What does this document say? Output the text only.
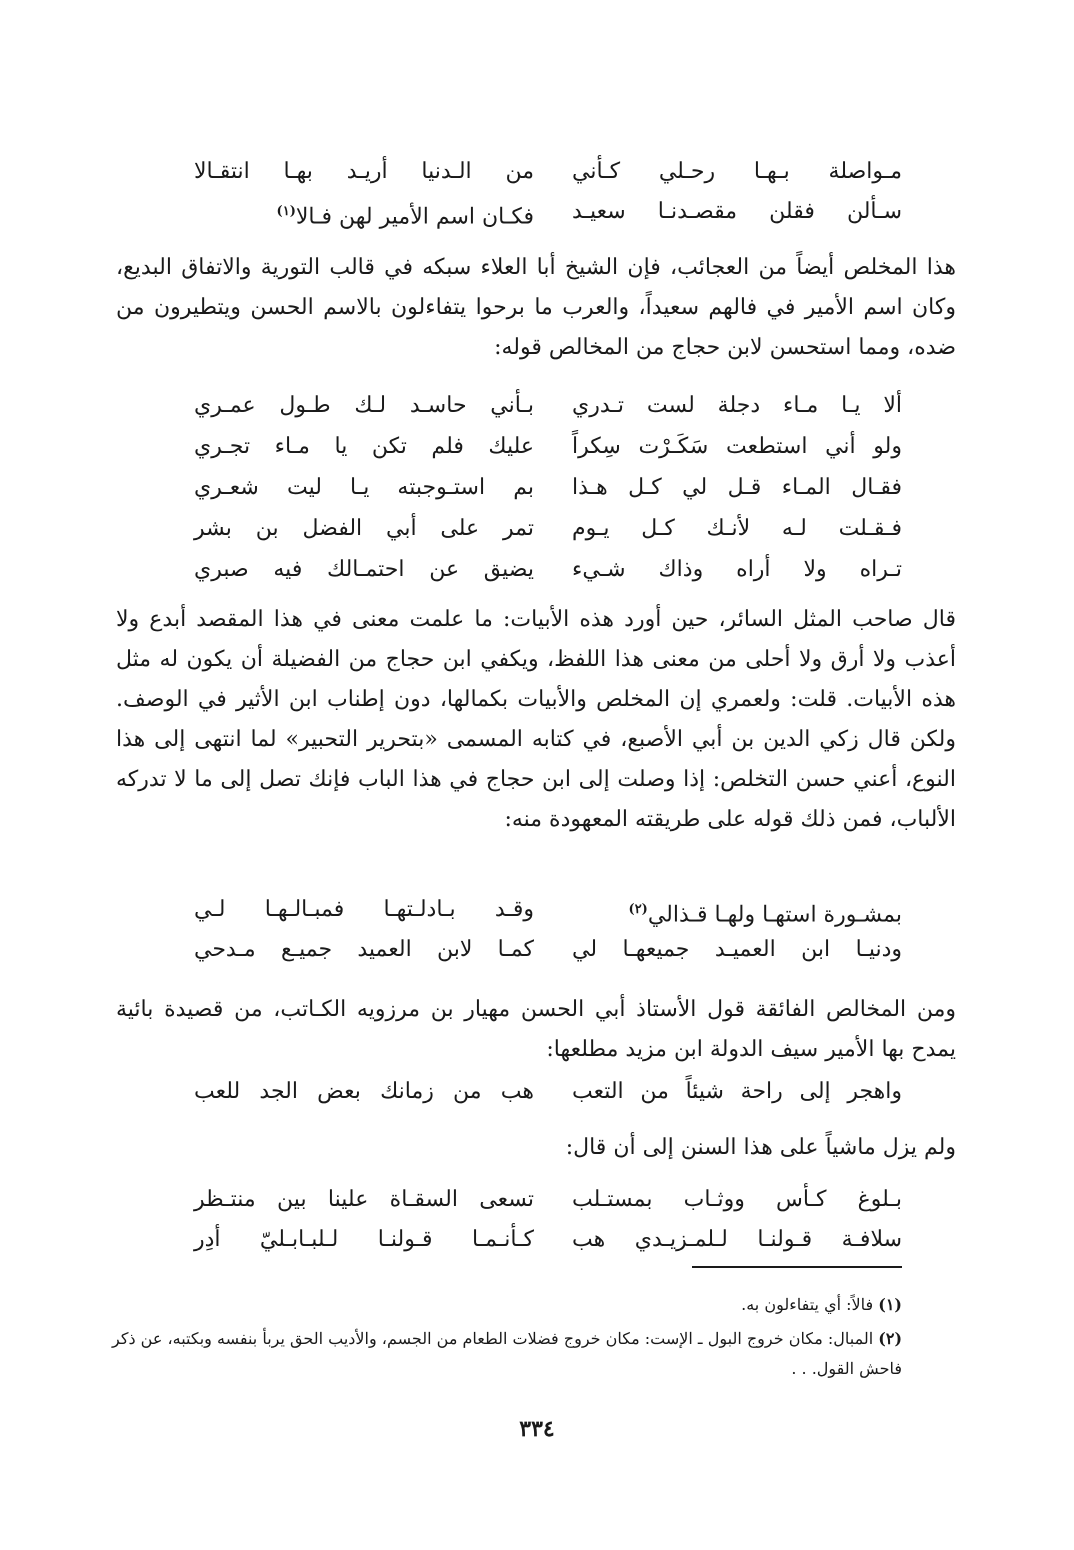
مـواصلة بـهـا رحـلي كـأني
من الـدنيا أريـد بهـا انتقـالا
سـألن فقلن مقصـدنـا سعيـد
فكـان اسم الأمير لهن فـالا$^{(١)}$
هذا المخلص أيضاً من العجائب، فإن الشيخ أبا العلاء سبكه في قالب التورية والاتفاق البديع، وكان اسم الأمير في فالهم سعيداً، والعرب ما برحوا يتفاءلون بالاسم الحسن ويتطيرون من ضده، ومما استحسن لابن حجاج من المخالص قوله:
ألا يـا مـاء دجلة لست تـدري
بـأني حاسـد لـك طـول عمـري
ولو أني استطعت سَكَـرْت سِكراً
عليك فلم تكن يا مـاء تجـري
فقـال المـاء قـل لي كـل هـذا
بم استـوجبته يـا ليت شعـري
فـقـلت لـه لأنـك كـل يـوم
تمر على أبي الفضل بن بشر
تـراه ولا أراه وذاك شـيء
يضيق عن احتمـالك فيه صبري
قال صاحب المثل السائر، حين أورد هذه الأبيات: ما علمت معنى في هذا المقصد أبدع ولا أعذب ولا أرق ولا أحلى من معنى هذا اللفظ، ويكفي ابن حجاج من الفضيلة أن يكون له مثل هذه الأبيات. قلت: ولعمري إن المخلص والأبيات بكمالها، دون إطناب ابن الأثير في الوصف. ولكن قال زكي الدين بن أبي الأصبع، في كتابه المسمى «بتحرير التحبير» لما انتهى إلى هذا النوع، أعني حسن التخلص: إذا وصلت إلى ابن حجاج في هذا الباب فإنك تصل إلى ما لا تدركه الألباب، فمن ذلك قوله على طريقته المعهودة منه:
بمشـورة استهـا ولهـا قـذالي$^{(٢)}$
وقـد بـادلـتهـا فمبـالـهـا لـي
ودنيـا ابن العميـد جميعهـا لي
كمـا لابن العميد جميـع مـدحي
ومن المخالص الفائقة قول الأستاذ أبي الحسن مهيار بن مرزويه الكـاتب، من قصيدة بائية يمدح بها الأمير سيف الدولة ابن مزيد مطلعها:
واهجر إلى راحة شيئاً من التعب
هب من زمانك بعض الجد للعب
ولم يزل ماشياً على هذا السنن إلى أن قال:
بـلوغ كـأس ووثـاب بمستـلب
تسعى السقـاة علينا بين منتـظر
سلافـة قـولنـا لـلمـزيـدي هب
كـأنـمـا قـولنـا لـلبـابـليّ أدِر
(١) فالاً: أي يتفاءلون به.
(٢) المبال: مكان خروج البول ـ الإست: مكان خروج فضلات الطعام من الجسم، والأديب الحق يربأ بنفسه وبكتبه، عن ذكر فاحش القول. . .
٣٣٤
